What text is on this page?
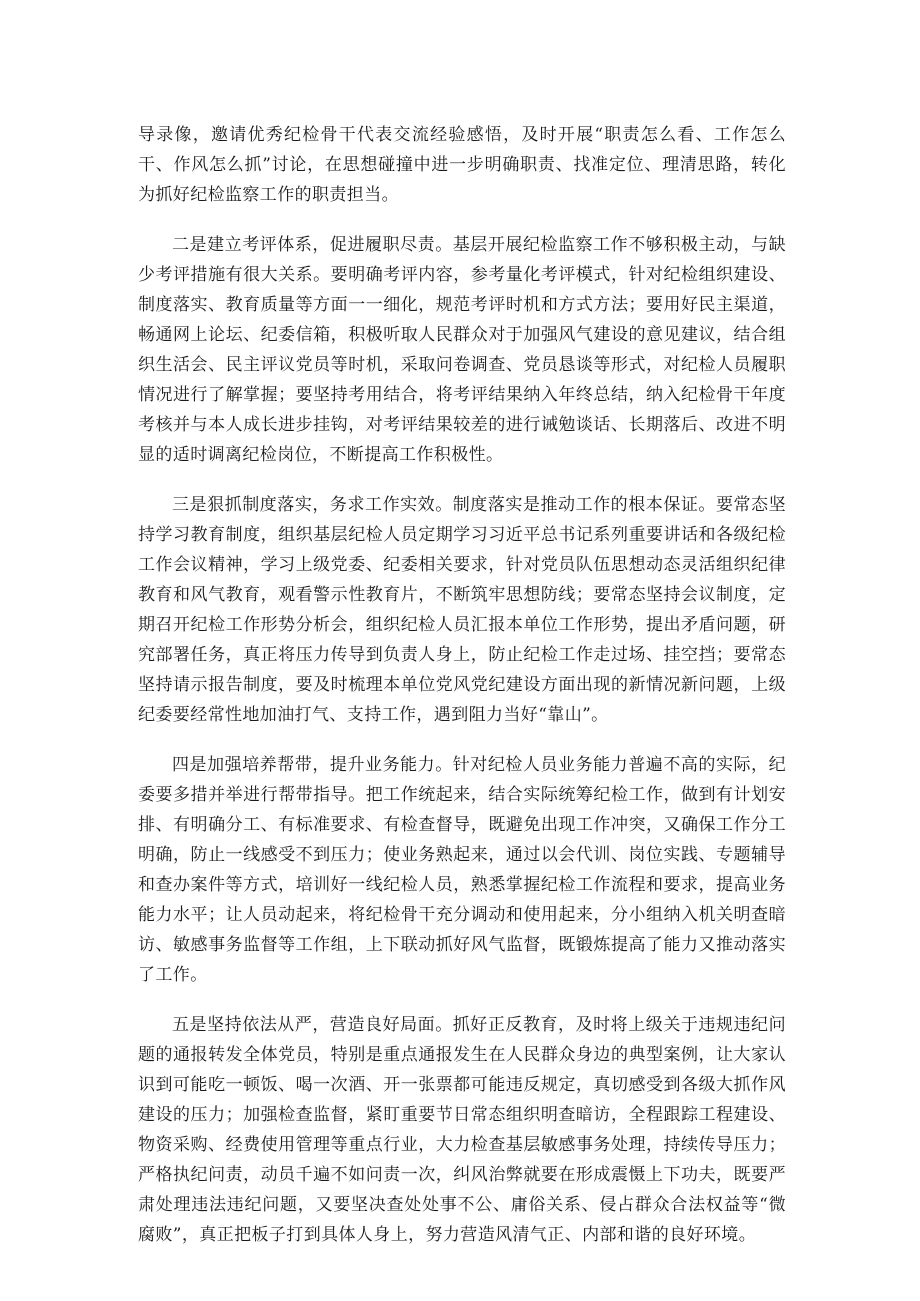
导录像，邀请优秀纪检骨干代表交流经验感悟，及时开展“职责怎么看、工作怎么干、作风怎么抓”讨论，在思想碰撞中进一步明确职责、找准定位、理清思路，转化为抓好纪检监察工作的职责担当。

二是建立考评体系，促进履职尽责。基层开展纪检监察工作不够积极主动，与缺少考评措施有很大关系。要明确考评内容，参考量化考评模式，针对纪检组织建设、制度落实、教育质量等方面一一细化，规范考评时机和方式方法；要用好民主渠道，畅通网上论坛、纪委信箱，积极听取人民群众对于加强风气建设的意见建议，结合组织生活会、民主评议党员等时机，采取问卷调查、党员恳谈等形式，对纪检人员履职情况进行了解掌握；要坚持考用结合，将考评结果纳入年终总结，纳入纪检骨干年度考核并与本人成长进步挂钩，对考评结果较差的进行诫勉谈话、长期落后、改进不明显的适时调离纪检岗位，不断提高工作积极性。

三是狠抓制度落实，务求工作实效。制度落实是推动工作的根本保证。要常态坚持学习教育制度，组织基层纪检人员定期学习习近平总书记系列重要讲话和各级纪检工作会议精神，学习上级党委、纪委相关要求，针对党员队伍思想动态灵活组织纪律教育和风气教育，观看警示性教育片，不断筑牢思想防线；要常态坚持会议制度，定期召开纪检工作形势分析会，组织纪检人员汇报本单位工作形势，提出矛盾问题，研究部署任务，真正将压力传导到负责人身上，防止纪检工作走过场、挂空挡；要常态坚持请示报告制度，要及时梳理本单位党风党纪建设方面出现的新情况新问题，上级纪委要经常性地加油打气、支持工作，遇到阻力当好“靠山”。

四是加强培养帮带，提升业务能力。针对纪检人员业务能力普遍不高的实际，纪委要多措并举进行帮带指导。把工作统起来，结合实际统筹纪检工作，做到有计划安排、有明确分工、有标准要求、有检查督导，既避免出现工作冲突，又确保工作分工明确，防止一线感受不到压力；使业务熟起来，通过以会代训、岗位实践、专题辅导和查办案件等方式，培训好一线纪检人员，熟悉掌握纪检工作流程和要求，提高业务能力水平；让人员动起来，将纪检骨干充分调动和使用起来，分小组纳入机关明查暗访、敏感事务监督等工作组，上下联动抓好风气监督，既锻炼提高了能力又推动落实了工作。

五是坚持依法从严，营造良好局面。抓好正反教育，及时将上级关于违规违纪问题的通报转发全体党员，特别是重点通报发生在人民群众身边的典型案例，让大家认识到可能吃一顿饭、喝一次酒、开一张票都可能违反规定，真切感受到各级大抓作风建设的压力；加强检查监督，紧盯重要节日常态组织明查暗访，全程跟踪工程建设、物资采购、经费使用管理等重点行业，大力检查基层敏感事务处理，持续传导压力；严格执纪问责，动员千遍不如问责一次，纠风治弊就要在形成震慑上下功夫，既要严肃处理违法违纪问题，又要坚决查处处事不公、庸俗关系、侵占群众合法权益等“微腐败”，真正把板子打到具体人身上，努力营造风清气正、内部和谐的良好环境。
